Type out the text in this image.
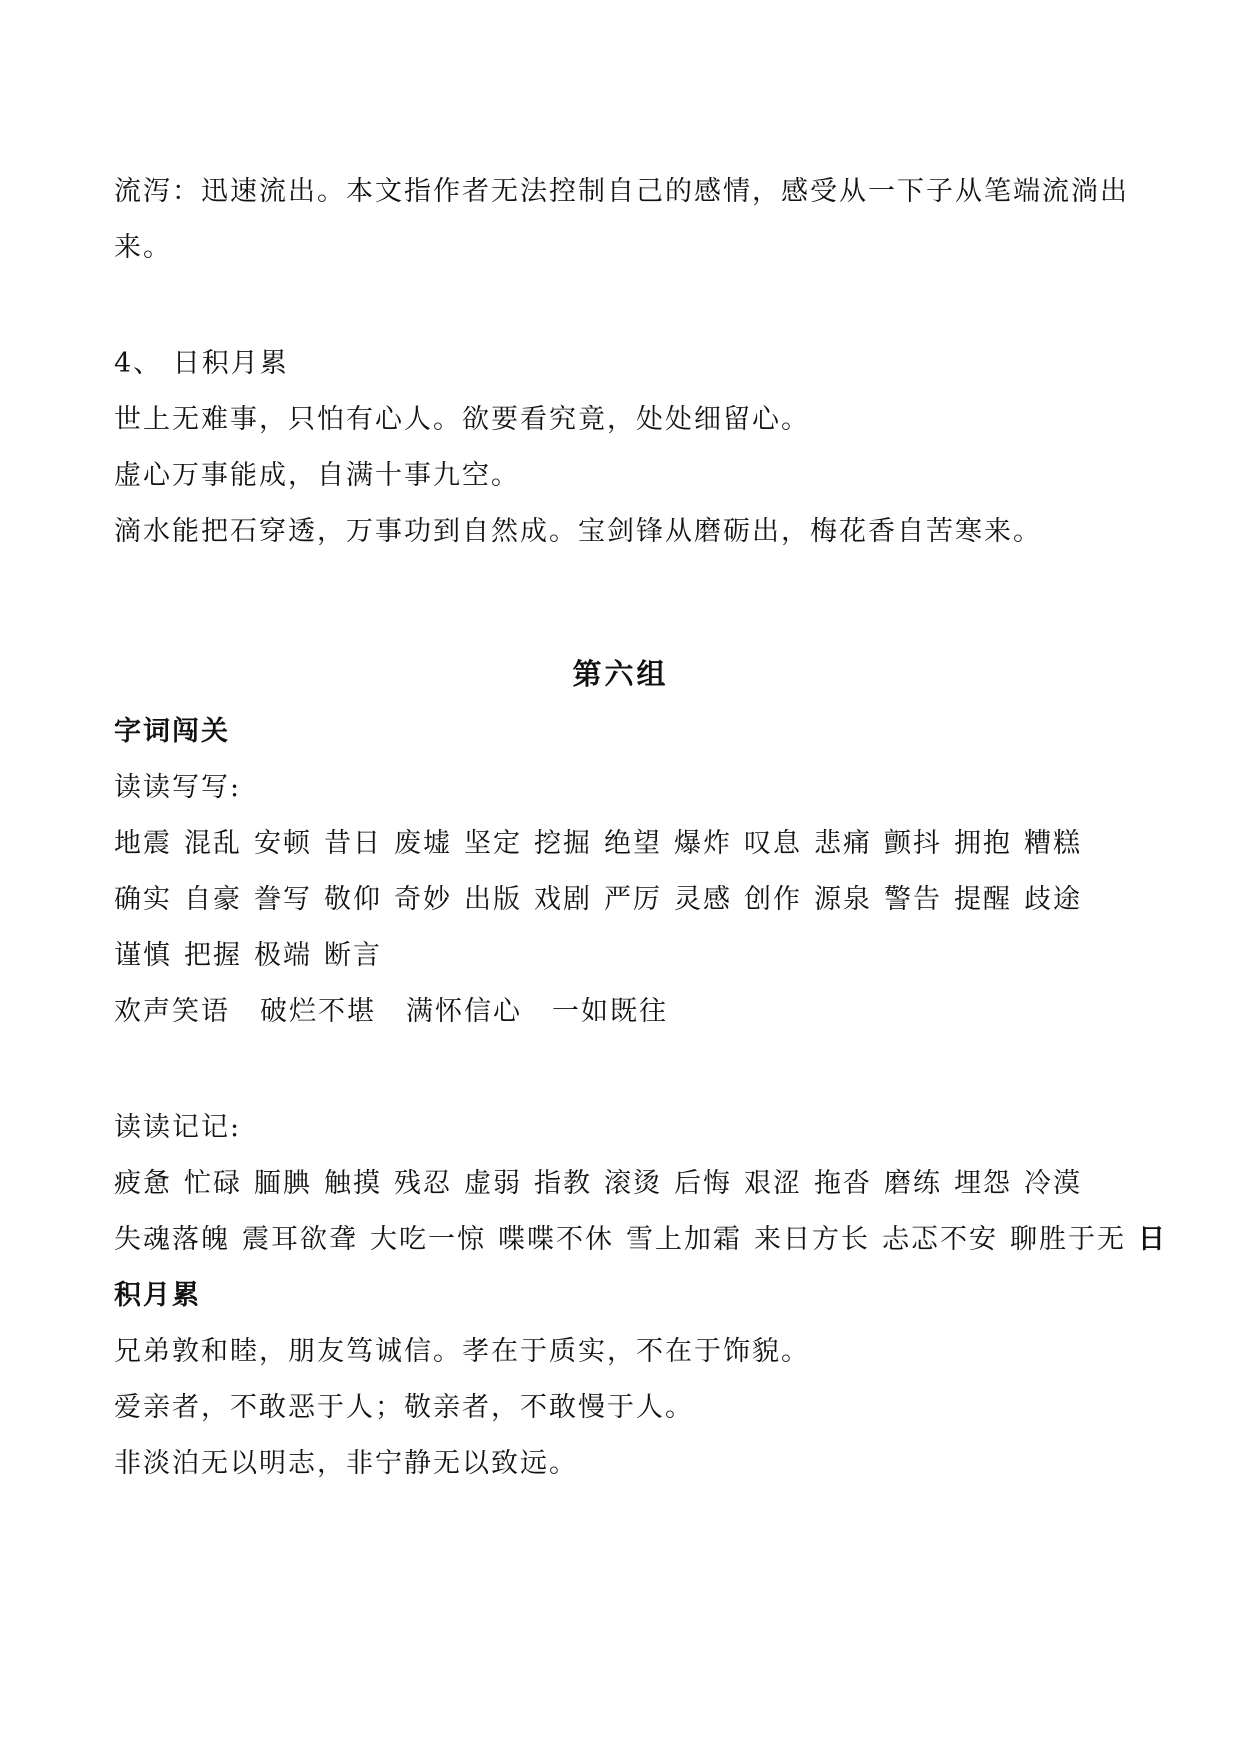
流泻：迅速流出。本文指作者无法控制自己的感情，感受从一下子从笔端流淌出
来。
4、 日积月累
世上无难事，只怕有心人。欲要看究竟，处处细留心。
虚心万事能成，自满十事九空。
滴水能把石穿透，万事功到自然成。宝剑锋从磨砺出，梅花香自苦寒来。
第六组
字词闯关
读读写写:
地震 混乱 安顿 昔日 废墟 坚定 挖掘 绝望 爆炸 叹息 悲痛 颤抖 拥抱 糟糕
确实 自豪 誊写 敬仰 奇妙 出版 戏剧 严厉 灵感 创作 源泉 警告 提醒 歧途
谨慎 把握 极端 断言
欢声笑语 破烂不堪 满怀信心 一如既往
读读记记:
疲惫 忙碌 腼腆 触摸 残忍 虚弱 指教 滚烫 后悔 艰涩 拖沓 磨练 埋怨 冷漠
失魂落魄 震耳欲聋 大吃一惊 喋喋不休 雪上加霜 来日方长 忐忑不安 聊胜于无 日
积月累
兄弟敦和睦，朋友笃诚信。孝在于质实，不在于饰貌。
爱亲者，不敢恶于人；敬亲者，不敢慢于人。
非淡泊无以明志，非宁静无以致远。
